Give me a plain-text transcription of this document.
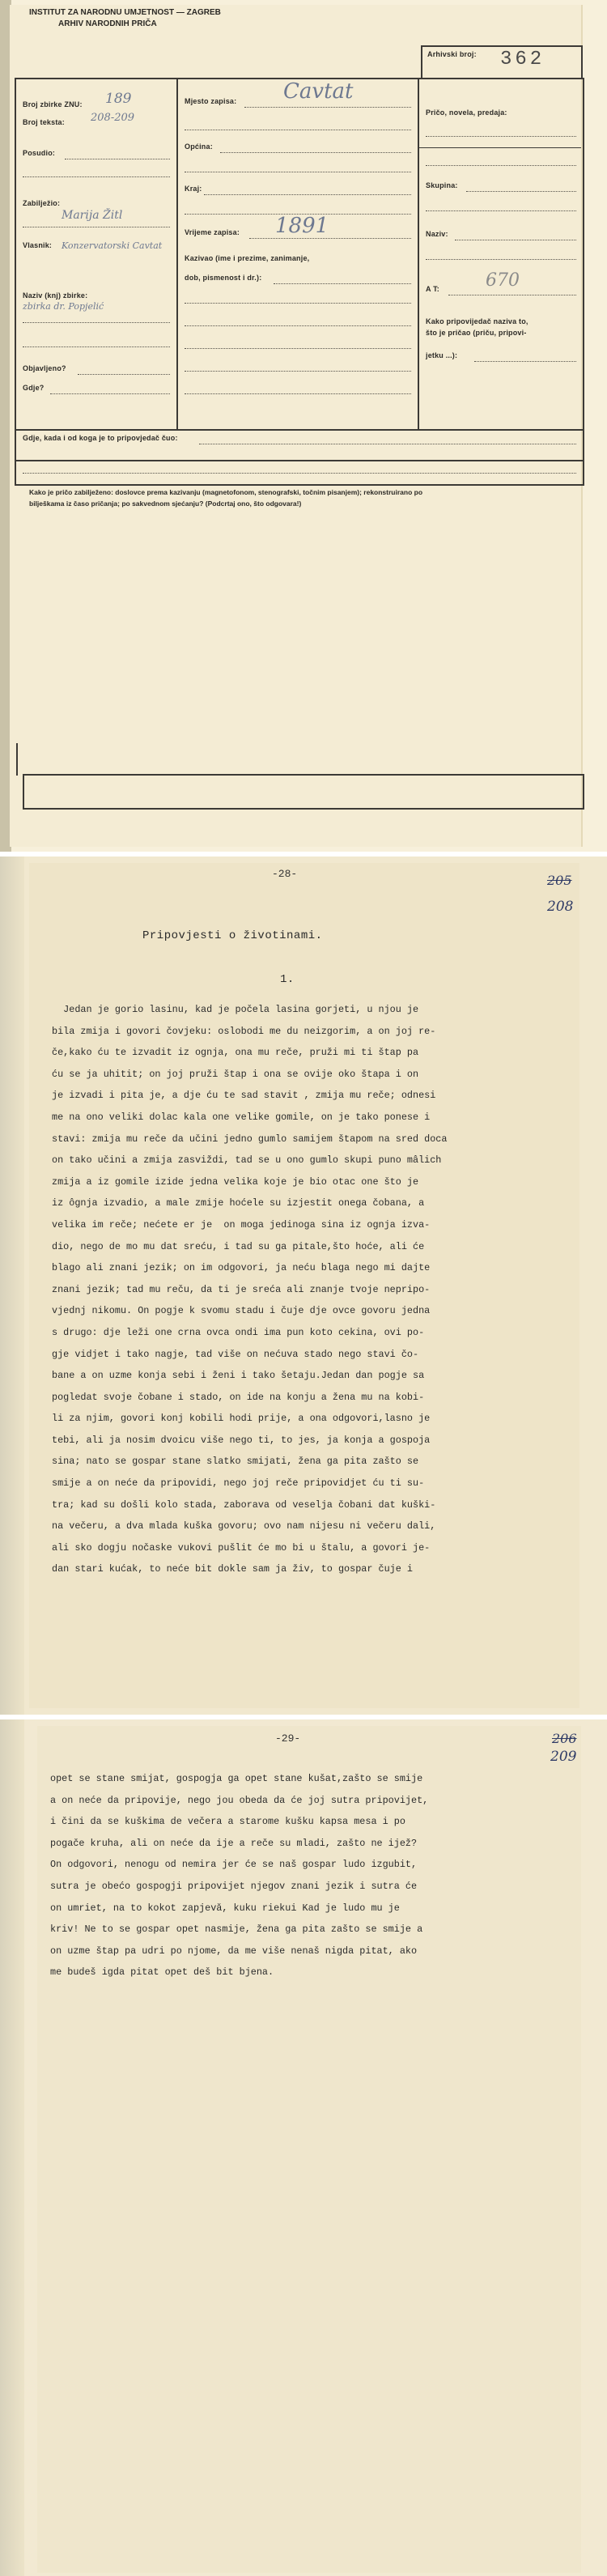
INSTITUT ZA NARODNU UMJETNOST — ZAGREB
ARHIV NARODNIH PRIČA
Arhivski broj: 362
Broj zbirke ZNU: 189
Broj teksta: 208-209
Posudio:
Zabilježio:
Marija Žitl
Vlasnik: Konzervatorski Cavtat
Naziv (knj) zbirke:
zbirka dr. Popjelić
Objavljeno?
Gdje?
Mjesto zapisa: Cavtat
Općina:
Kraj:
Vrijeme zapisa: 1891
Kazivao (ime i prezime, zanimanje,
dob, pismenost i dr.):
Pričo, novela, predaja:
Skupina:
Naziv:
A T:	670
Kako pripovijedač naziva to,
što je pričao (priču, pripovi-
jetku ...):
Gdje, kada i od koga je to pripovjedač čuo:
Kako je pričo zabilježeno: doslovce prema kazivanju (magnetofonom, stenografski, točnim pisanjem); rekonstruirano po
bilješkama iz časo pričanja; po sakvednom sjećanju? (Podcrtaj ono, što odgovara!)
-28-	205
208
Pripovjesti o životinami.
1.
Jedan je gorio lasinu, kad je počela lasina gorjeti, u njou je
bila zmija i govori čovjeku: oslobodi me du neizgorim, a on joj re-
če,kako ću te izvadit iz ognja, ona mu reče, pruži mi ti štap pa
ću se ja uhitit; on joj pruži štap i ona se ovije oko štapa i on
je izvadi i pita je, a dje ću te sad stavit , zmija mu reče; odnesi
me na ono veliki dolac kala one velike gomile, on je tako ponese i
stavi: zmija mu reče da učini jedno gumlo samijem štapom na sred doca
on tako učini a zmija zasviždi, tad se u ono gumlo skupi puno mâlich
zmija a iz gomile izide jedna velika koje je bio otac one što je
iz ôgnja izvadio, a male zmije hoćele su izjestit onega čobana, a
velika im reče; nećete er je  on moga jedinoga sina iz ognja izva-
dio, nego de mo mu dat sreću, i tad su ga pitale,što hoće, ali će
blago ali znani jezik; on im odgovori, ja neću blaga nego mi dajte
znani jezik; tad mu reču, da ti je sreća ali znanje tvoje nepripo-
vjednj nikomu. On pogje k svomu stadu i čuje dje ovce govoru jedna
s drugo: dje leži one crna ovca ondi ima pun koto cekina, ovi po-
gje vidjet i tako nagje, tad više on nećuva stado nego stavi čo-
bane a on uzme konja sebi i ženi i tako šetaju.Jedan dan pogje sa
pogledat svoje čobane i stado, on ide na konju a žena mu na kobi-
li za njim, govori konj kobili hodi prije, a ona odgovori,lasno je
tebi, ali ja nosim dvoicu više nego ti, to jes, ja konja a gospoja
sina; nato se gospar stane slatko smijati, žena ga pita zašto se
smije a on neće da pripovidi, nego joj reče pripovidjet ću ti su-
tra; kad su došli kolo stada, zaborava od veselja čobani dat kuški-
na večeru, a dva mlada kuška govoru; ovo nam nijesu ni večeru dali,
ali sko dogju nočaske vukovi pušlit će mo bi u štalu, a govori je-
dan stari kućak, to neće bit dokle sam ja živ, to gospar čuje i
-29-	206
209
opet se stane smijat, gospogja ga opet stane kušat,zašto se smije
a on neće da pripovije, nego jou obeda da će joj sutra pripovijet,
i čini da se kuškima de večera a starome kušku kapsa mesa i po
pogače kruha, ali on neće da ije a reče su mladi, zašto ne ijež?
On odgovori, nenogu od nemira jer će se naš gospar ludo izgubit,
sutra je obećo gospogji pripovijet njegov znani jezik i sutra će
on umriet, na to kokot zapjevă, kuku riekui Kad je ludo mu je
kriv! Ne to se gospar opet nasmije, žena ga pita zašto se smije a
on uzme štap pa udri po njome, da me više nenaš nigda pitat, ako
me budeš igda pitat opet deš bit bjena.
